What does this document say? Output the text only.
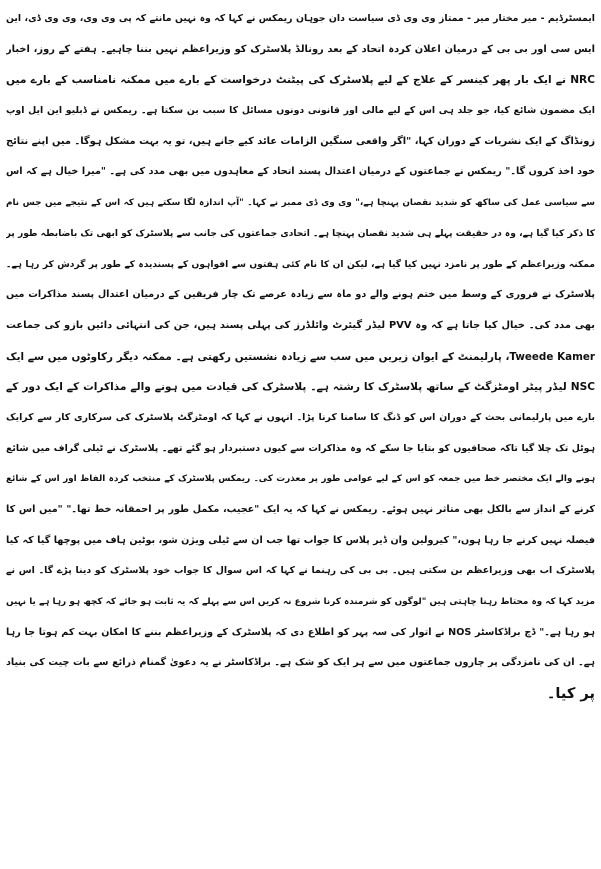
ایمسٹرڈیم - میر مختار میر - ممتاز وی وی ڈی سیاست دان جوہان ریمکس نے کہا کہ وہ نہیں مانتے کہ پی وی وی، وی وی ڈی، این
ایس سی اور بی بی کے درمیان اعلان کردہ اتحاد کے بعد رونالڈ پلاسٹرک کو وزیراعظم نہیں بننا چاہیے۔ ہفتے کے روز، اخبار
NRC نے ایک بار پھر کینسر کے علاج کے لیے پلاسٹرک کی پیٹنٹ درخواست کے بارے میں ممکنہ نامناسب کے بارے میں
ایک مضمون شائع کیا، جو جلد ہی اس کے لیے مالی اور قانونی دونوں مسائل کا سبب بن سکتا ہے۔ ریمکس نے ڈبلیو این ایل اوپ
زونڈاگ کے ایک نشریات کے دوران کہا، "اگر واقعی سنگین الزامات عائد کیے جانے ہیں، تو یہ بہت مشکل ہوگا۔ میں اپنے نتائج
خود اخذ کروں گا۔" ریمکس نے جماعتوں کے درمیان اعتدال پسند اتحاد کے معاہدوں میں بھی مدد کی ہے۔ "میرا خیال ہے کہ اس
سے سیاسی عمل کی ساکھ کو شدید نقصان پہنچا ہے،" وی وی ڈی ممبر نے کہا۔ "آپ اندازہ لگا سکتے ہیں کہ اس کے نتیجے میں جس نام
کا ذکر کیا گیا ہے، وہ در حقیقت پہلے ہی شدید نقصان پہنچا ہے۔ اتحادی جماعتوں کی جانب سے پلاسٹرک کو ابھی تک باضابطہ طور پر
ممکنہ وزیراعظم کے طور پر نامزد نہیں کیا گیا ہے، لیکن ان کا نام کئی ہفتوں سے افواہوں کے پسندیدہ کے طور پر گردش کر رہا ہے۔
پلاسٹرک نے فروری کے وسط میں ختم ہونے والے دو ماہ سے زیادہ عرصے تک چار فریقین کے درمیان اعتدال پسند مذاکرات میں
بھی مدد کی۔ خیال کیا جاتا ہے کہ وہ PVV لیڈر گیئرٹ وائلڈرز کی پہلی پسند ہیں، جن کی انتہائی دائیں بازو کی جماعت
Tweede Kamer، پارلیمنٹ کے ایوان زیریں میں سب سے زیادہ نشستیں رکھتی ہے۔ ممکنہ دیگر رکاوٹوں میں سے ایک
NSC لیڈر پیٹر اومٹزگٹ کے ساتھ پلاسٹرک کا رشتہ ہے۔ پلاسٹرک کی قیادت میں ہونے والے مذاکرات کے ایک دور کے
بارے میں پارلیمانی بحث کے دوران اس کو ڈنگ کا سامنا کرنا پڑا۔ انہوں نے کہا کہ اومٹزگٹ پلاسٹرک کی سرکاری کار سے کرایک
ہوٹل تک چلا گیا تاکہ صحافیوں کو بتایا جا سکے کہ وہ مذاکرات سے کیوں دستبردار ہو گئے تھے۔ پلاسٹرک نے ٹیلی گراف میں شائع
ہونے والے ایک مختصر خط میں جمعہ کو اس کے لیے عوامی طور پر معذرت کی۔ ریمکس پلاسٹرک کے منتخب کردہ الفاظ اور اس کے شائع
کرنے کے انداز سے بالکل بھی متاثر نہیں ہوئے۔ ریمکس نے کہا کہ یہ ایک "عجیب، مکمل طور پر احمقانہ خط تھا۔" "میں اس کا
فیصلہ نہیں کرنے جا رہا ہوں،" کیرولین وان ڈیر پلاس کا جواب تھا جب ان سے ٹیلی ویژن شو، بوٹین ہاف میں پوچھا گیا کہ کیا
پلاسٹرک اب بھی وزیراعظم بن سکتی ہیں۔ بی بی کی رہنما نے کہا کہ اس سوال کا جواب خود پلاسٹرک کو دینا پڑے گا۔ اس نے
مزید کہا کہ وہ محتاط رہنا چاہتی ہیں "لوگوں کو شرمندہ کرنا شروع نہ کریں اس سے پہلے کہ یہ ثابت ہو جائے کہ کچھ ہو رہا ہے یا نہیں
ہو رہا ہے۔" ڈچ براڈکاسٹر NOS نے اتوار کی سہ پہر کو اطلاع دی کہ پلاسٹرک کے وزیراعظم بننے کا امکان بہت کم ہوتا جا رہا
ہے۔ ان کی نامزدگی پر چاروں جماعتوں میں سے ہر ایک کو شک ہے۔ براڈکاسٹر نے یہ دعویٰ گمنام ذرائع سے بات چیت کی بنیاد
پر کیا۔
